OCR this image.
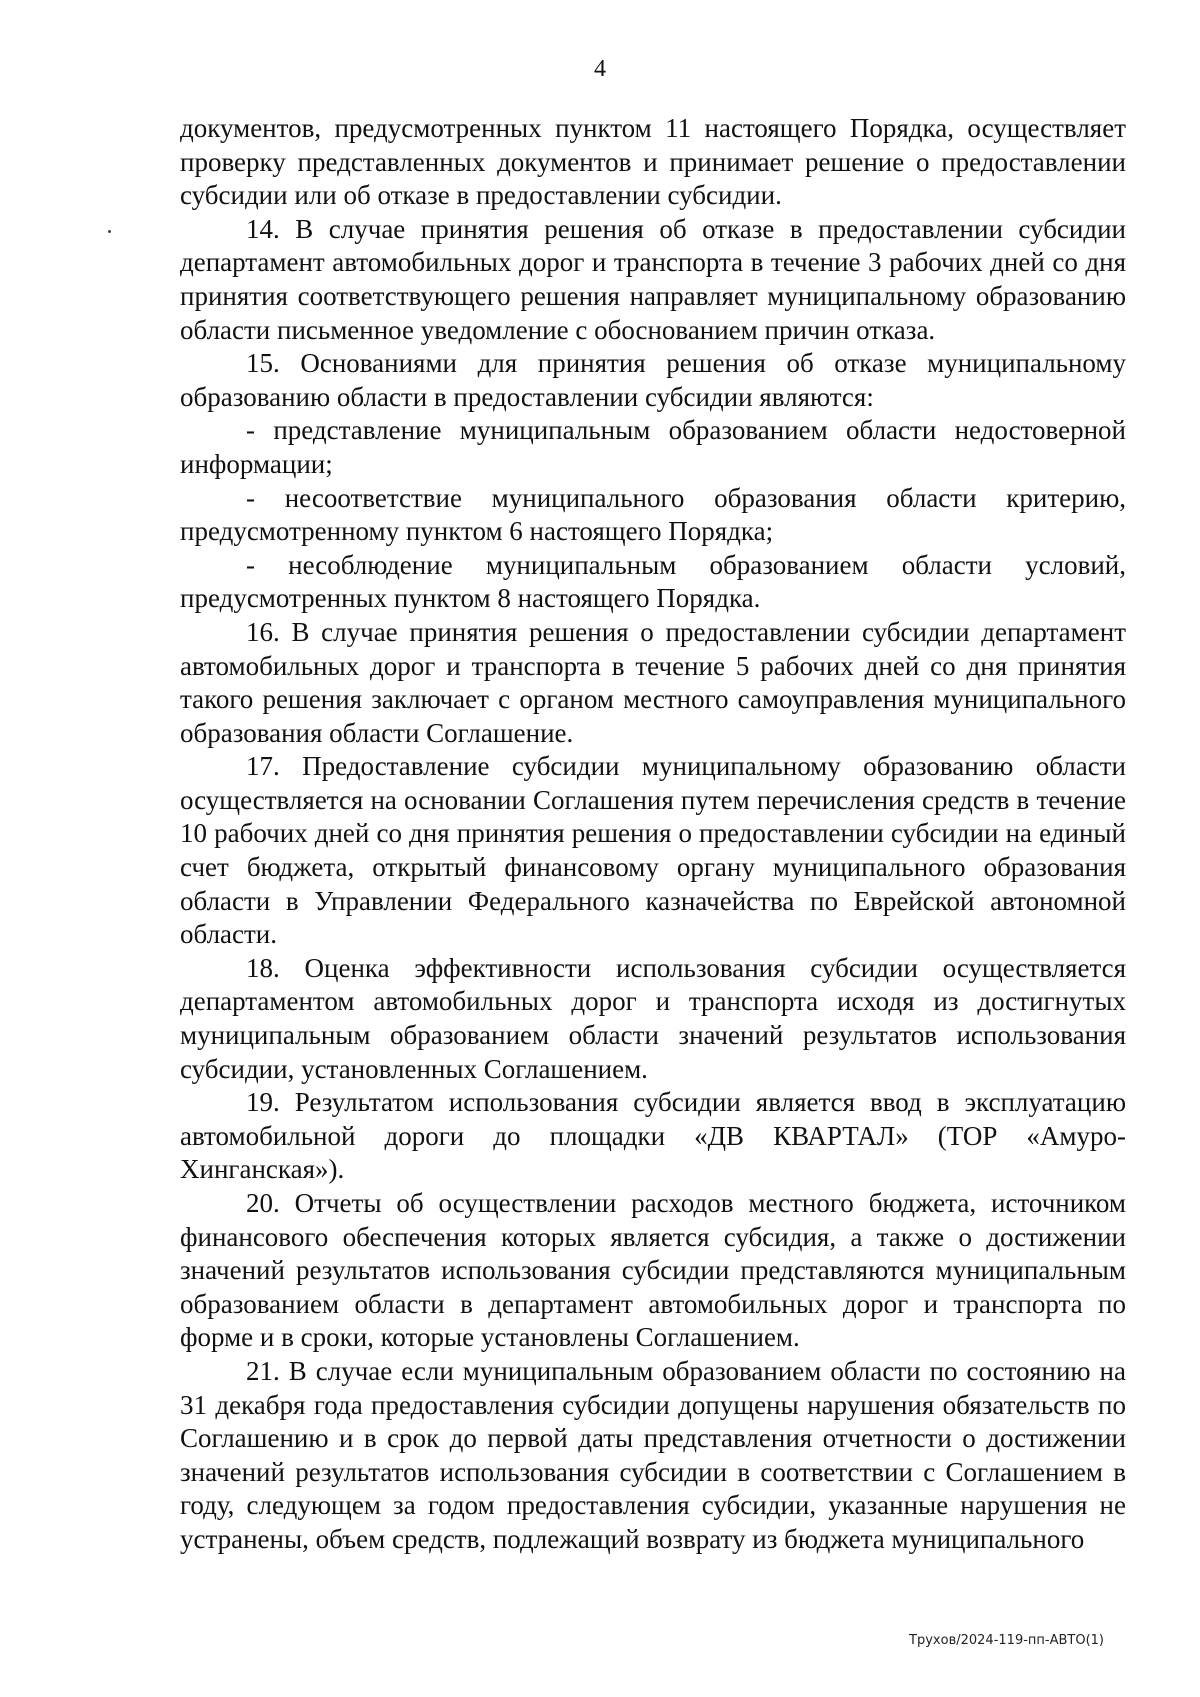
4

документов, предусмотренных пунктом 11 настоящего Порядка, осуществляет проверку представленных документов и принимает решение о предоставлении субсидии или об отказе в предоставлении субсидии.

14. В случае принятия решения об отказе в предоставлении субсидии департамент автомобильных дорог и транспорта в течение 3 рабочих дней со дня принятия соответствующего решения направляет муниципальному образованию области письменное уведомление с обоснованием причин отказа.

15. Основаниями для принятия решения об отказе муниципальному образованию области в предоставлении субсидии являются:

- представление муниципальным образованием области недостоверной информации;

- несоответствие муниципального образования области критерию, предусмотренному пунктом 6 настоящего Порядка;

- несоблюдение муниципальным образованием области условий, предусмотренных пунктом 8 настоящего Порядка.

16. В случае принятия решения о предоставлении субсидии департамент автомобильных дорог и транспорта в течение 5 рабочих дней со дня принятия такого решения заключает с органом местного самоуправления муниципального образования области Соглашение.

17. Предоставление субсидии муниципальному образованию области осуществляется на основании Соглашения путем перечисления средств в течение 10 рабочих дней со дня принятия решения о предоставлении субсидии на единый счет бюджета, открытый финансовому органу муниципального образования области в Управлении Федерального казначейства по Еврейской автономной области.

18. Оценка эффективности использования субсидии осуществляется департаментом автомобильных дорог и транспорта исходя из достигнутых муниципальным образованием области значений результатов использования субсидии, установленных Соглашением.

19. Результатом использования субсидии является ввод в эксплуатацию автомобильной дороги до площадки «ДВ КВАРТАЛ» (ТОР «Амуро-Хинганская»).

20. Отчеты об осуществлении расходов местного бюджета, источником финансового обеспечения которых является субсидия, а также о достижении значений результатов использования субсидии представляются муниципальным образованием области в департамент автомобильных дорог и транспорта по форме и в сроки, которые установлены Соглашением.

21. В случае если муниципальным образованием области по состоянию на 31 декабря года предоставления субсидии допущены нарушения обязательств по Соглашению и в срок до первой даты представления отчетности о достижении значений результатов использования субсидии в соответствии с Соглашением в году, следующем за годом предоставления субсидии, указанные нарушения не устранены, объем средств, подлежащий возврату из бюджета муниципального

Трухов/2024-119-пп-АВТО(1)
